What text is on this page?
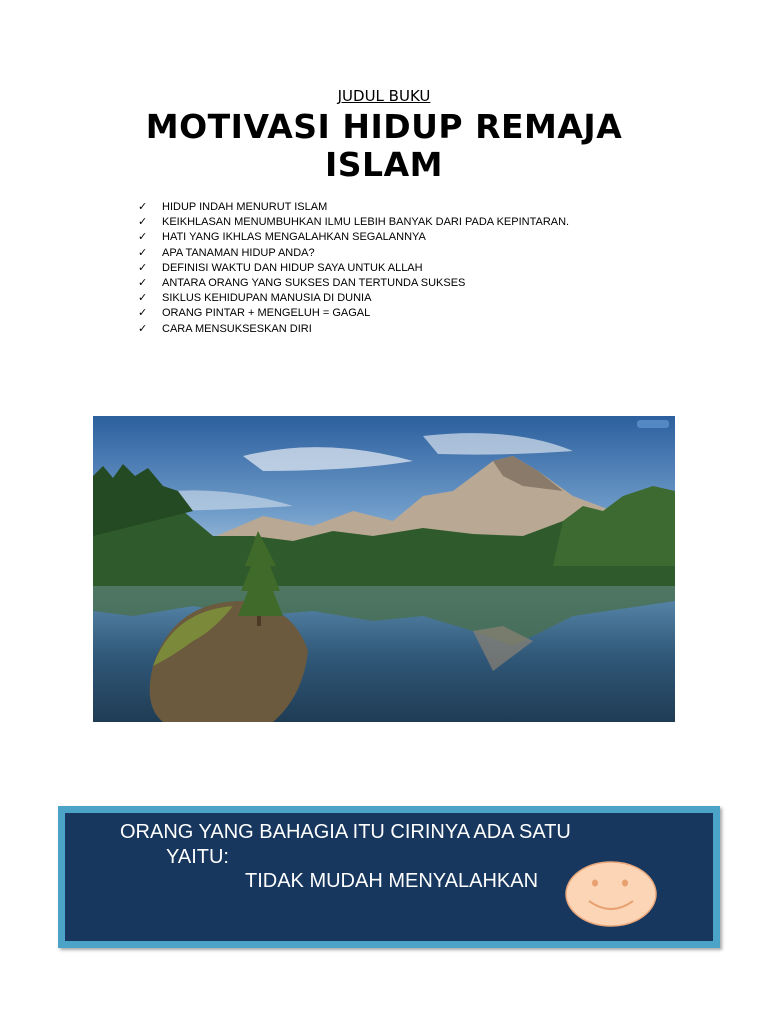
JUDUL BUKU
MOTIVASI HIDUP REMAJA
ISLAM
✓ HIDUP INDAH MENURUT ISLAM
✓ KEIKHLASAN MENUMBUHKAN ILMU LEBIH BANYAK DARI PADA KEPINTARAN.
✓ HATI YANG IKHLAS MENGALAHKAN SEGALANNYA
✓ APA TANAMAN HIDUP ANDA?
✓ DEFINISI WAKTU DAN HIDUP SAYA UNTUK ALLAH
✓ ANTARA ORANG YANG SUKSES DAN TERTUNDA SUKSES
✓ SIKLUS KEHIDUPAN MANUSIA DI DUNIA
✓ ORANG PINTAR + MENGELUH = GAGAL
✓ CARA MENSUKSESKAN DIRI
ORANG YANG BAHAGIA ITU CIRINYA ADA SATU
YAITU:
TIDAK MUDAH MENYALAHKAN
